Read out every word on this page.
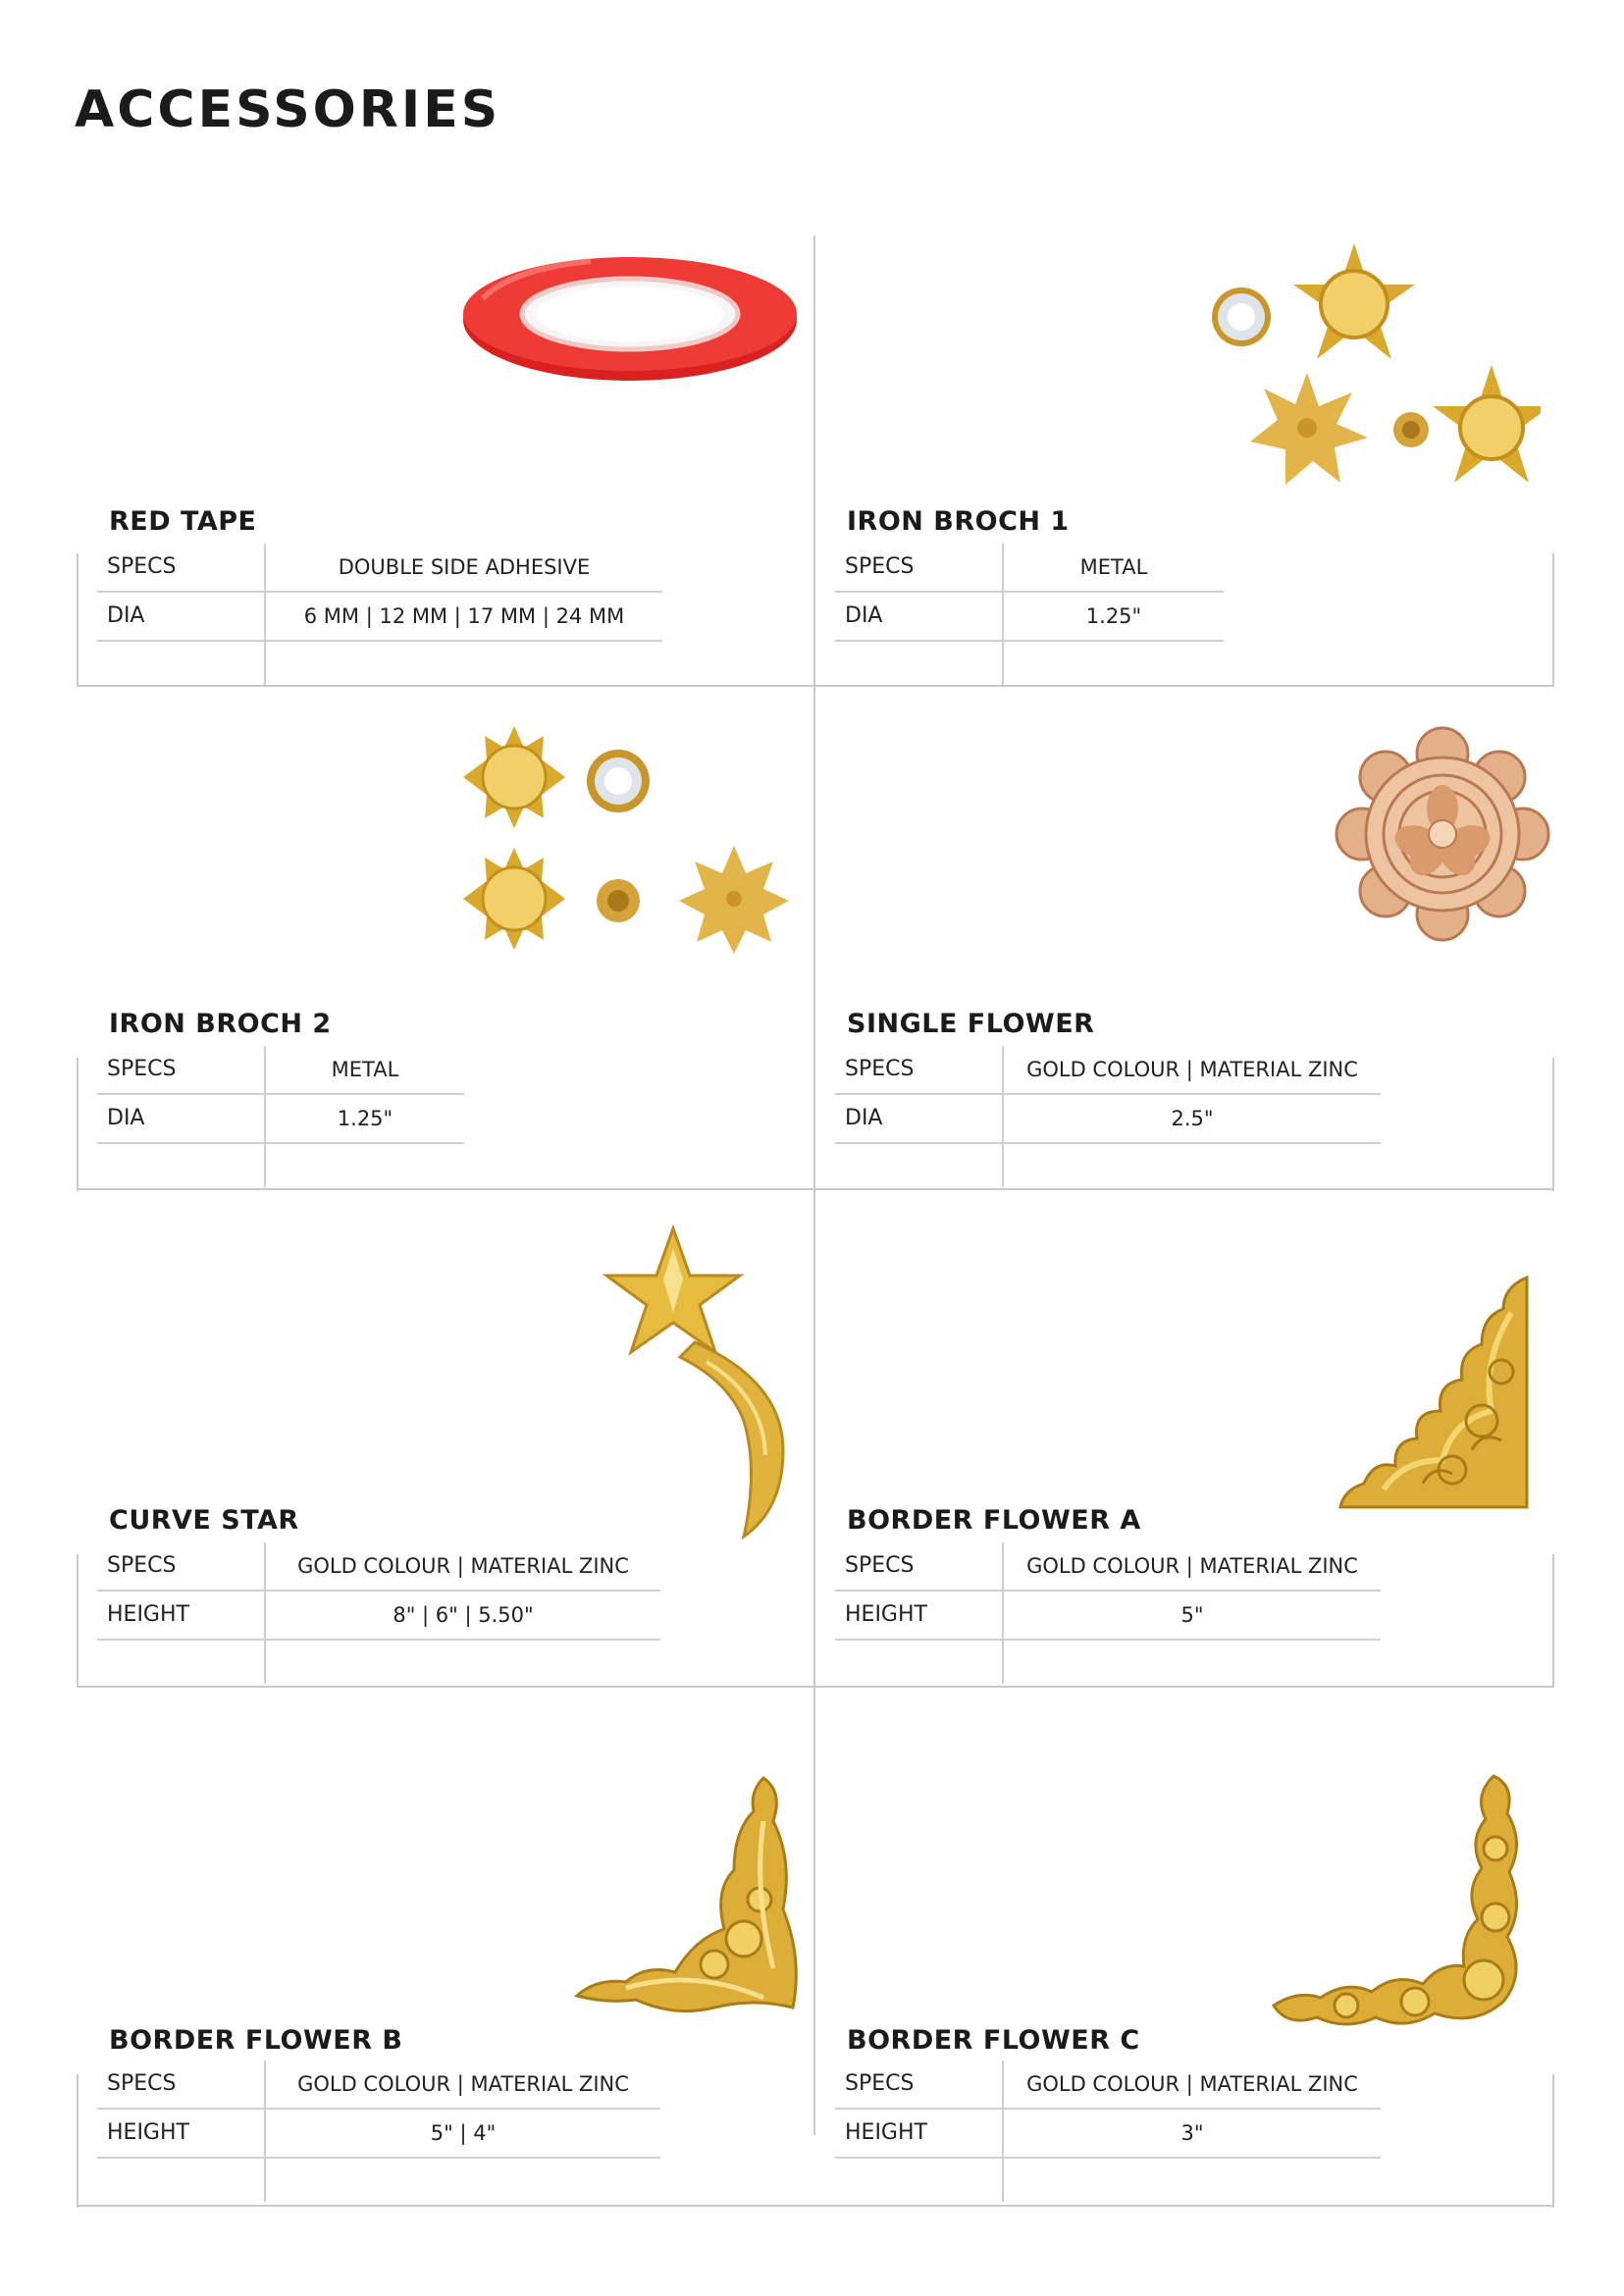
ACCESSORIES
RED TAPE
SPECS	DOUBLE SIDE ADHESIVE
DIA	6 MM | 12 MM | 17 MM | 24 MM
IRON BROCH 1
SPECS	METAL
DIA	1.25"
IRON BROCH 2
SPECS	METAL
DIA	1.25"
SINGLE FLOWER
SPECS	GOLD COLOUR | MATERIAL ZINC
DIA	2.5"
CURVE STAR
SPECS	GOLD COLOUR | MATERIAL ZINC
HEIGHT	8" | 6" | 5.50"
BORDER FLOWER A
SPECS	GOLD COLOUR | MATERIAL ZINC
HEIGHT	5"
BORDER FLOWER B
SPECS	GOLD COLOUR | MATERIAL ZINC
HEIGHT	5" | 4"
BORDER FLOWER C
SPECS	GOLD COLOUR | MATERIAL ZINC
HEIGHT	3"
